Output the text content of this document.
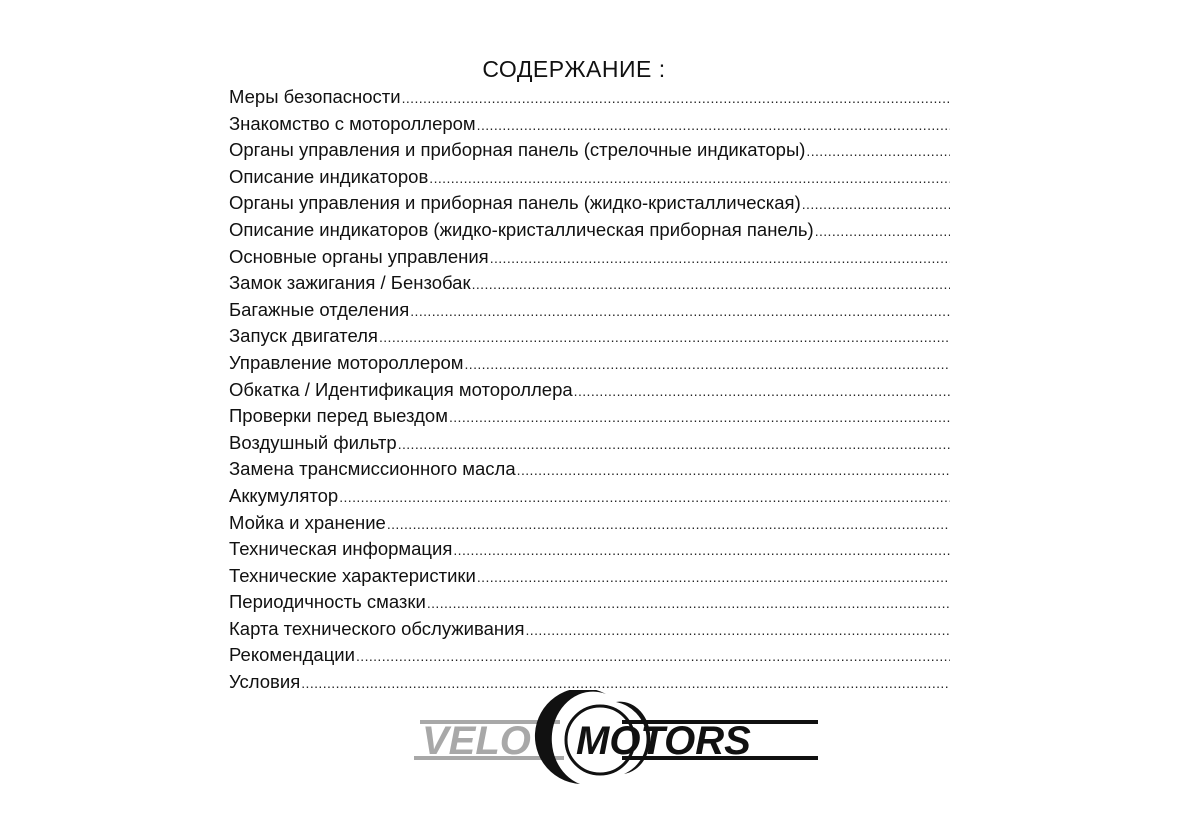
СОДЕРЖАНИЕ :
Меры безопасности
.....
Знакомство с мотороллером
.....
Органы управления и приборная панель (стрелочные индикаторы)
.....
Описание индикаторов
.....
Органы управления и приборная панель (жидко-кристаллическая)
.....
Описание индикаторов (жидко-кристаллическая приборная панель)
.....
Основные органы управления
.....
Замок зажигания / Бензобак
.....
Багажные отделения
.....
Запуск двигателя
.....
Управление мотороллером
.....
Обкатка / Идентификация мотороллера
.....
Проверки перед выездом
.....
Воздушный фильтр
.....
Замена трансмиссионного масла
.....
Аккумулятор
.....
Мойка и хранение
.....
Техническая информация
.....
Технические характеристики
.....
Периодичность смазки
.....
Карта технического обслуживания
.....
Рекомендации
.....
Условия
.....
VELO MOTORS
